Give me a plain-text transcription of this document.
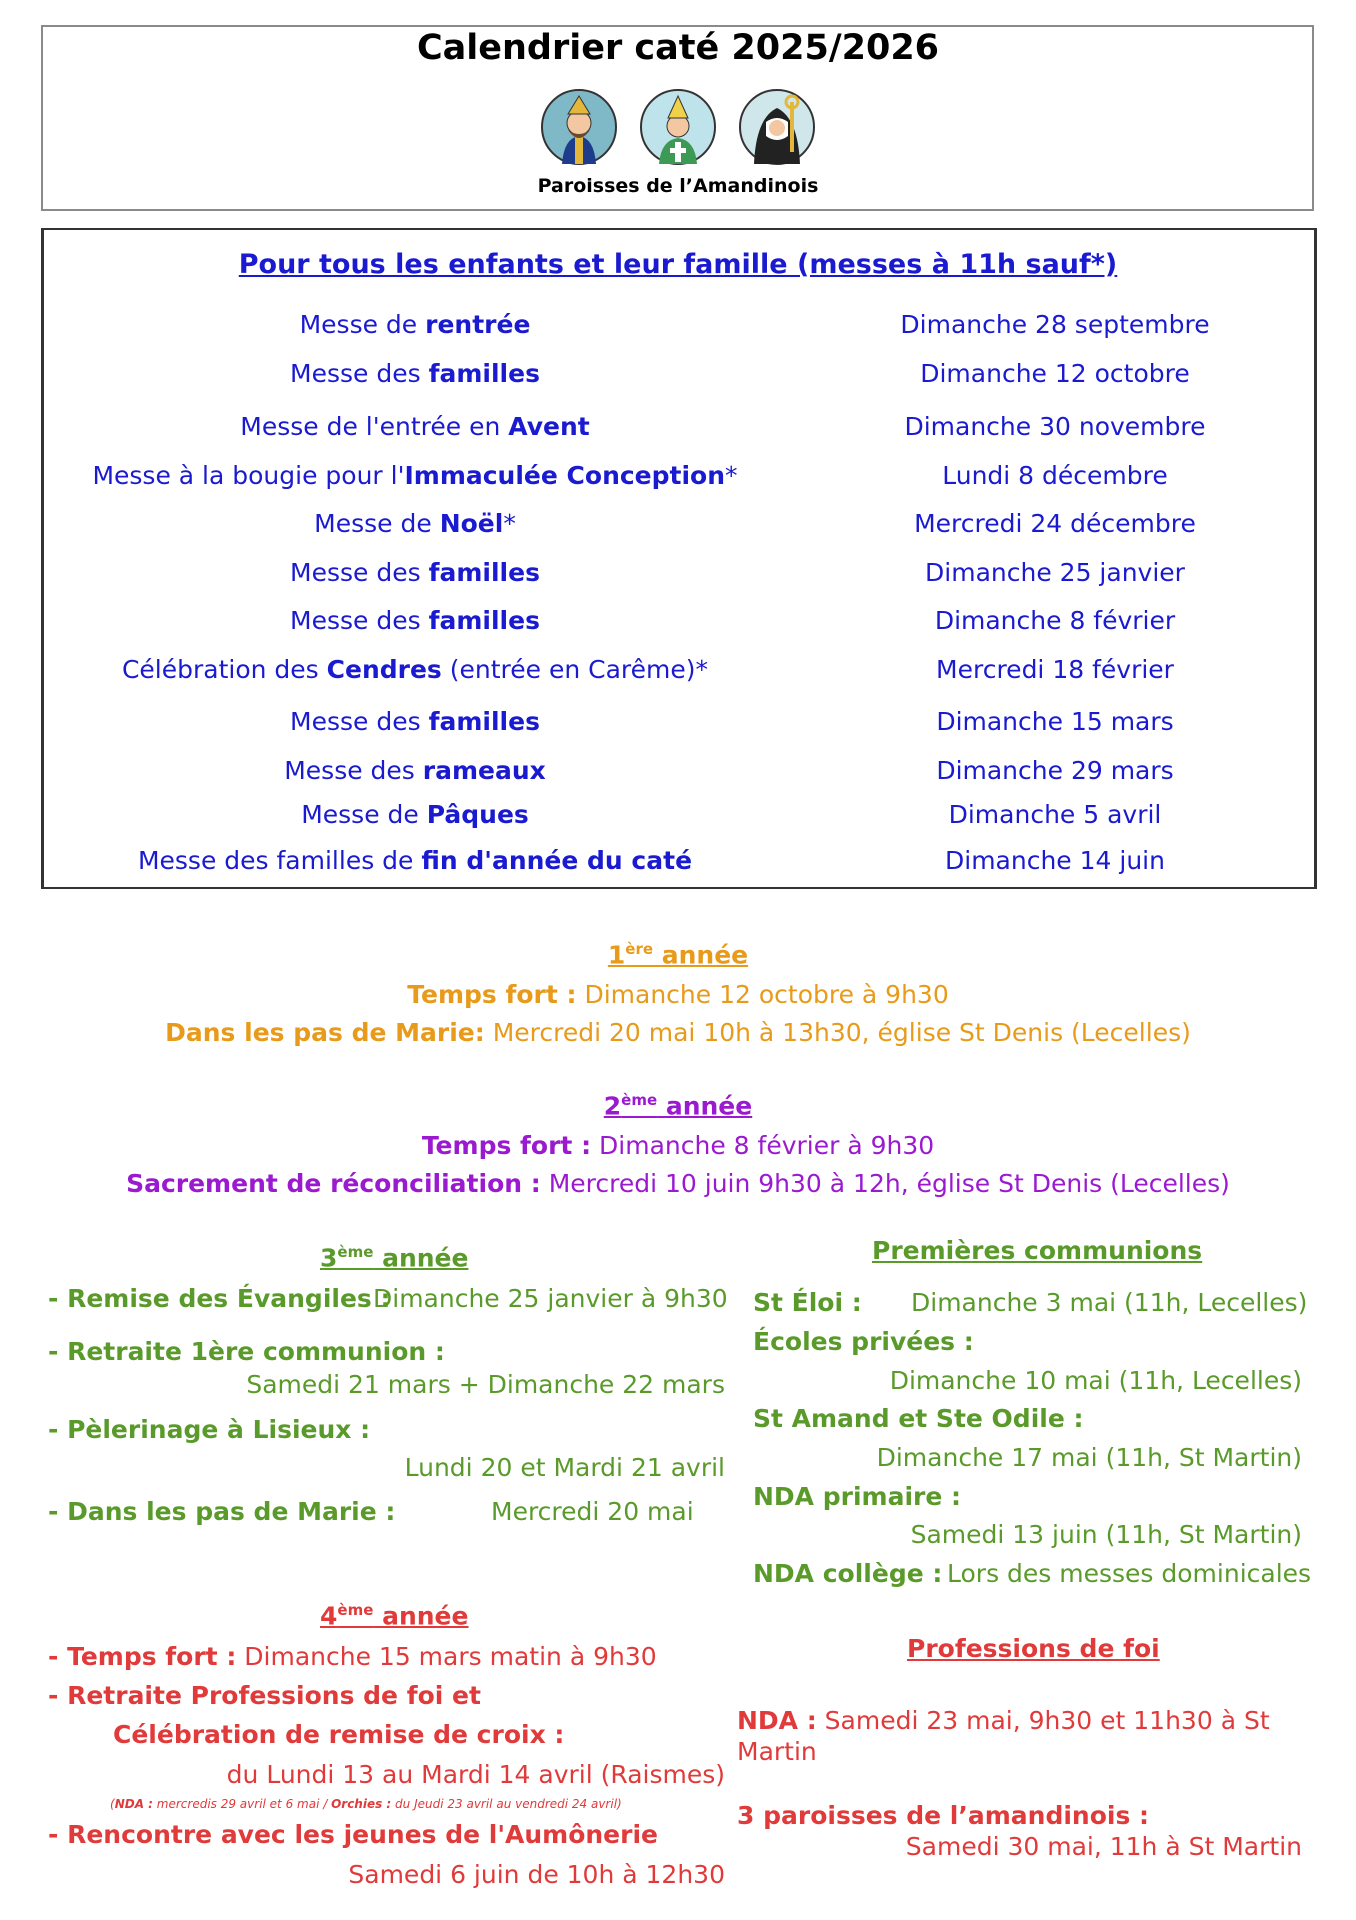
Calendrier caté 2025/2026

Paroisses de l’Amandinois
Pour tous les enfants et leur famille (messes à 11h sauf*)
Messe de rentrée	Dimanche 28 septembre
Messe des familles	Dimanche 12 octobre
Messe de l'entrée en Avent	Dimanche 30 novembre
Messe à la bougie pour l'Immaculée Conception*	Lundi 8 décembre
Messe de Noël*	Mercredi 24 décembre
Messe des familles	Dimanche 25 janvier
Messe des familles	Dimanche 8 février
Célébration des Cendres (entrée en Carême)*	Mercredi 18 février
Messe des familles	Dimanche 15 mars
Messe des rameaux	Dimanche 29 mars
Messe de Pâques	Dimanche 5 avril
Messe des familles de fin d'année du caté	Dimanche 14 juin
1ère année
Temps fort : Dimanche 12 octobre à 9h30
Dans les pas de Marie: Mercredi 20 mai 10h à 13h30, église St Denis (Lecelles)
2ème année
Temps fort : Dimanche 8 février à 9h30
Sacrement de réconciliation : Mercredi 10 juin 9h30 à 12h, église St Denis (Lecelles)
3ème année
- Remise des Évangiles :
Dimanche 25 janvier à 9h30
- Retraite 1ère communion :
Samedi 21 mars + Dimanche 22 mars
- Pèlerinage à Lisieux :
Lundi 20 et Mardi 21 avril
- Dans les pas de Marie :	Mercredi 20 mai
4ème année
- Temps fort : Dimanche 15 mars matin à 9h30
- Retraite Professions de foi et
Célébration de remise de croix :
du Lundi 13 au Mardi 14 avril (Raismes)
(NDA : mercredis 29 avril et 6 mai / Orchies : du Jeudi 23 avril au vendredi 24 avril)
- Rencontre avec les jeunes de l'Aumônerie
Samedi 6 juin de 10h à 12h30
Premières communions
St Éloi : Dimanche 3 mai (11h, Lecelles)
Écoles privées :
Dimanche 10 mai (11h, Lecelles)
St Amand et Ste Odile :
Dimanche 17 mai (11h, St Martin)
NDA primaire :
Samedi 13 juin (11h, St Martin)
NDA collège : Lors des messes dominicales
Professions de foi
NDA : Samedi 23 mai, 9h30 et 11h30 à St
Martin
3 paroisses de l’amandinois :
Samedi 30 mai, 11h à St Martin
